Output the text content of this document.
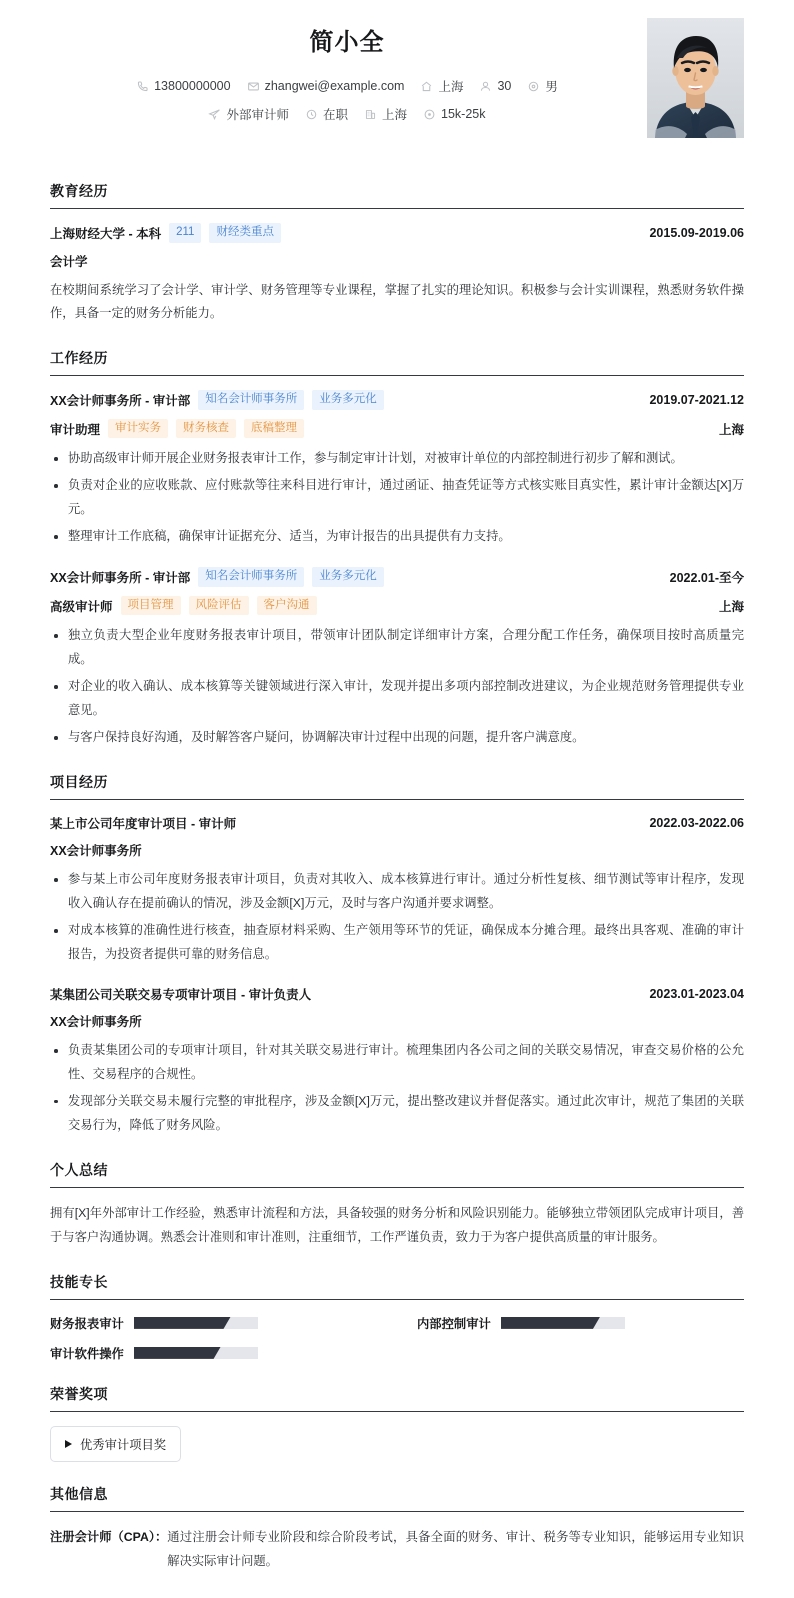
简小全
13800000000	zhangwei@example.com	上海	30	男
外部审计师	在职	上海	15k-25k
教育经历
上海财经大学 - 本科	211	财经类重点	2015.09-2019.06
会计学
在校期间系统学习了会计学、审计学、财务管理等专业课程，掌握了扎实的理论知识。积极参与会计实训课程，熟悉财务软件操作，具备一定的财务分析能力。
工作经历
XX会计师事务所 - 审计部	知名会计师事务所	业务多元化	2019.07-2021.12
审计助理	审计实务	财务核查	底稿整理	上海
协助高级审计师开展企业财务报表审计工作，参与制定审计计划，对被审计单位的内部控制进行初步了解和测试。
负责对企业的应收账款、应付账款等往来科目进行审计，通过函证、抽查凭证等方式核实账目真实性，累计审计金额达[X]万元。
整理审计工作底稿，确保审计证据充分、适当，为审计报告的出具提供有力支持。
XX会计师事务所 - 审计部	知名会计师事务所	业务多元化	2022.01-至今
高级审计师	项目管理	风险评估	客户沟通	上海
独立负责大型企业年度财务报表审计项目，带领审计团队制定详细审计方案，合理分配工作任务，确保项目按时高质量完成。
对企业的收入确认、成本核算等关键领域进行深入审计，发现并提出多项内部控制改进建议，为企业规范财务管理提供专业意见。
与客户保持良好沟通，及时解答客户疑问，协调解决审计过程中出现的问题，提升客户满意度。
项目经历
某上市公司年度审计项目 - 审计师	2022.03-2022.06
XX会计师事务所
参与某上市公司年度财务报表审计项目，负责对其收入、成本核算进行审计。通过分析性复核、细节测试等审计程序，发现收入确认存在提前确认的情况，涉及金额[X]万元，及时与客户沟通并要求调整。
对成本核算的准确性进行核查，抽查原材料采购、生产领用等环节的凭证，确保成本分摊合理。最终出具客观、准确的审计报告，为投资者提供可靠的财务信息。
某集团公司关联交易专项审计项目 - 审计负责人	2023.01-2023.04
XX会计师事务所
负责某集团公司的专项审计项目，针对其关联交易进行审计。梳理集团内各公司之间的关联交易情况，审查交易价格的公允性、交易程序的合规性。
发现部分关联交易未履行完整的审批程序，涉及金额[X]万元，提出整改建议并督促落实。通过此次审计，规范了集团的关联交易行为，降低了财务风险。
个人总结
拥有[X]年外部审计工作经验，熟悉审计流程和方法，具备较强的财务分析和风险识别能力。能够独立带领团队完成审计项目，善于与客户沟通协调。熟悉会计准则和审计准则，注重细节，工作严谨负责，致力于为客户提供高质量的审计服务。
技能专长
财务报表审计	内部控制审计
审计软件操作
荣誉奖项
优秀审计项目奖
其他信息
注册会计师（CPA）： 通过注册会计师专业阶段和综合阶段考试，具备全面的财务、审计、税务等专业知识，能够运用专业知识解决实际审计问题。
